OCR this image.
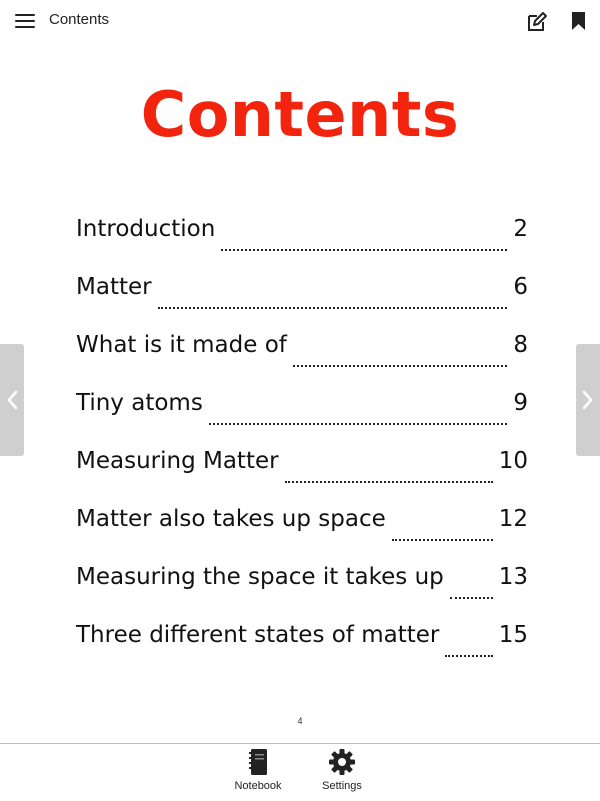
Contents
Contents
Introduction	2
Matter	6
What is it made of	8
Tiny atoms	9
Measuring Matter	10
Matter also takes up space	12
Measuring the space it takes up 13
Three different states of matter	15
4
Notebook	Settings
